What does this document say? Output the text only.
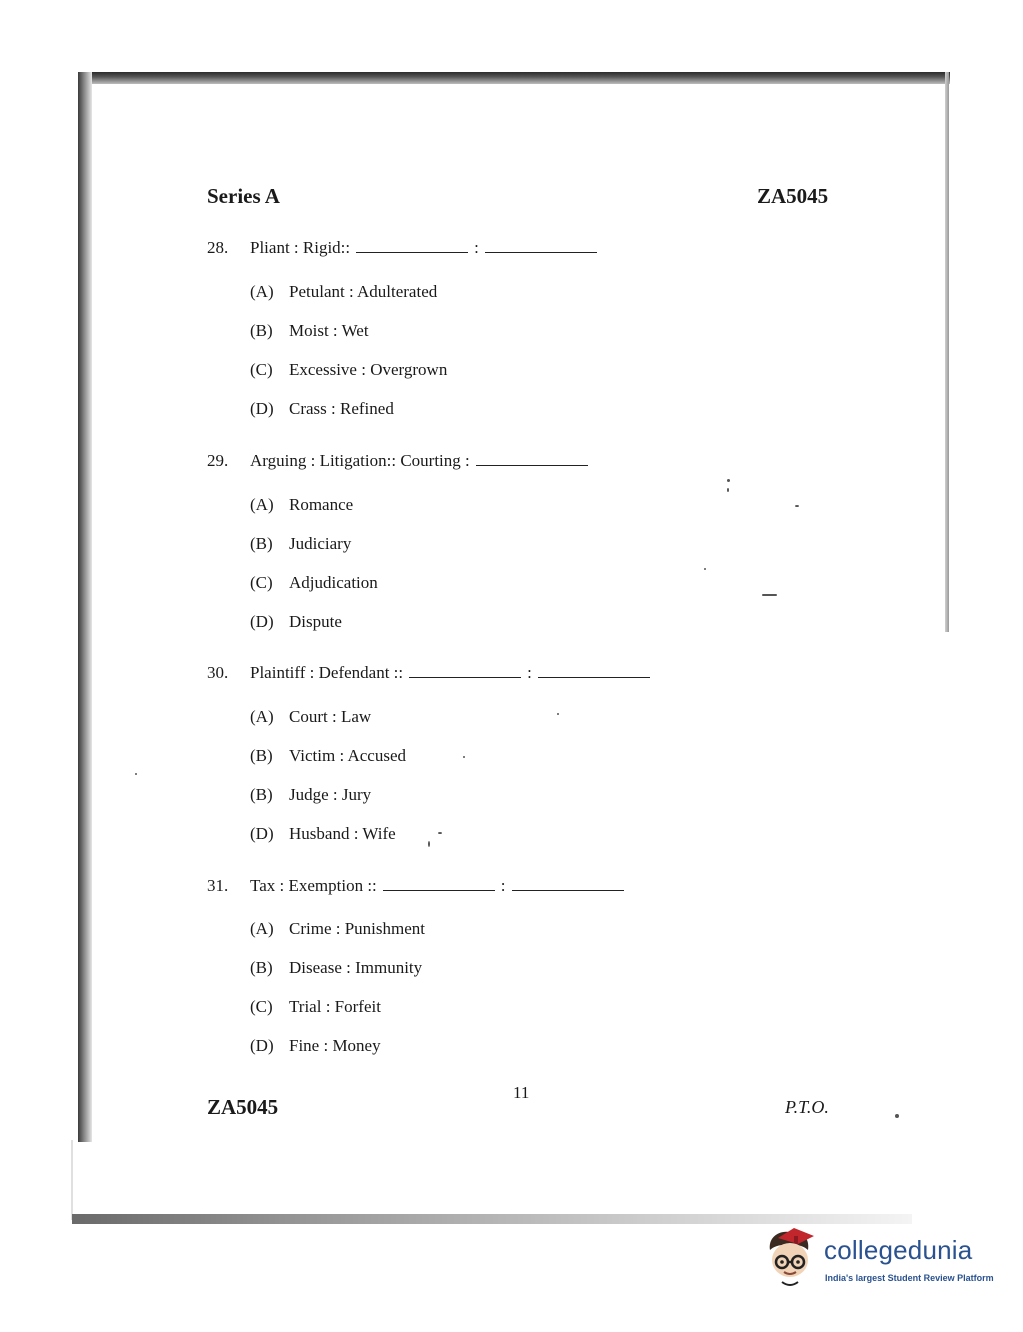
Series A	ZA5045
28. Pliant : Rigid::	:
(A) Petulant : Adulterated
(B) Moist : Wet
(C) Excessive : Overgrown
(D) Crass : Refined
29. Arguing : Litigation:: Courting :
(A) Romance
(B) Judiciary
(C) Adjudication
(D) Dispute
30. Plaintiff : Defendant ::	:
(A) Court : Law
(B) Victim : Accused
(B) Judge : Jury
(D) Husband : Wife
31. Tax : Exemption ::	:
(A) Crime : Punishment
(B) Disease : Immunity
(C) Trial : Forfeit
(D) Fine : Money
ZA5045
11
P.T.O.
collegedunia
India's largest Student Review Platform
